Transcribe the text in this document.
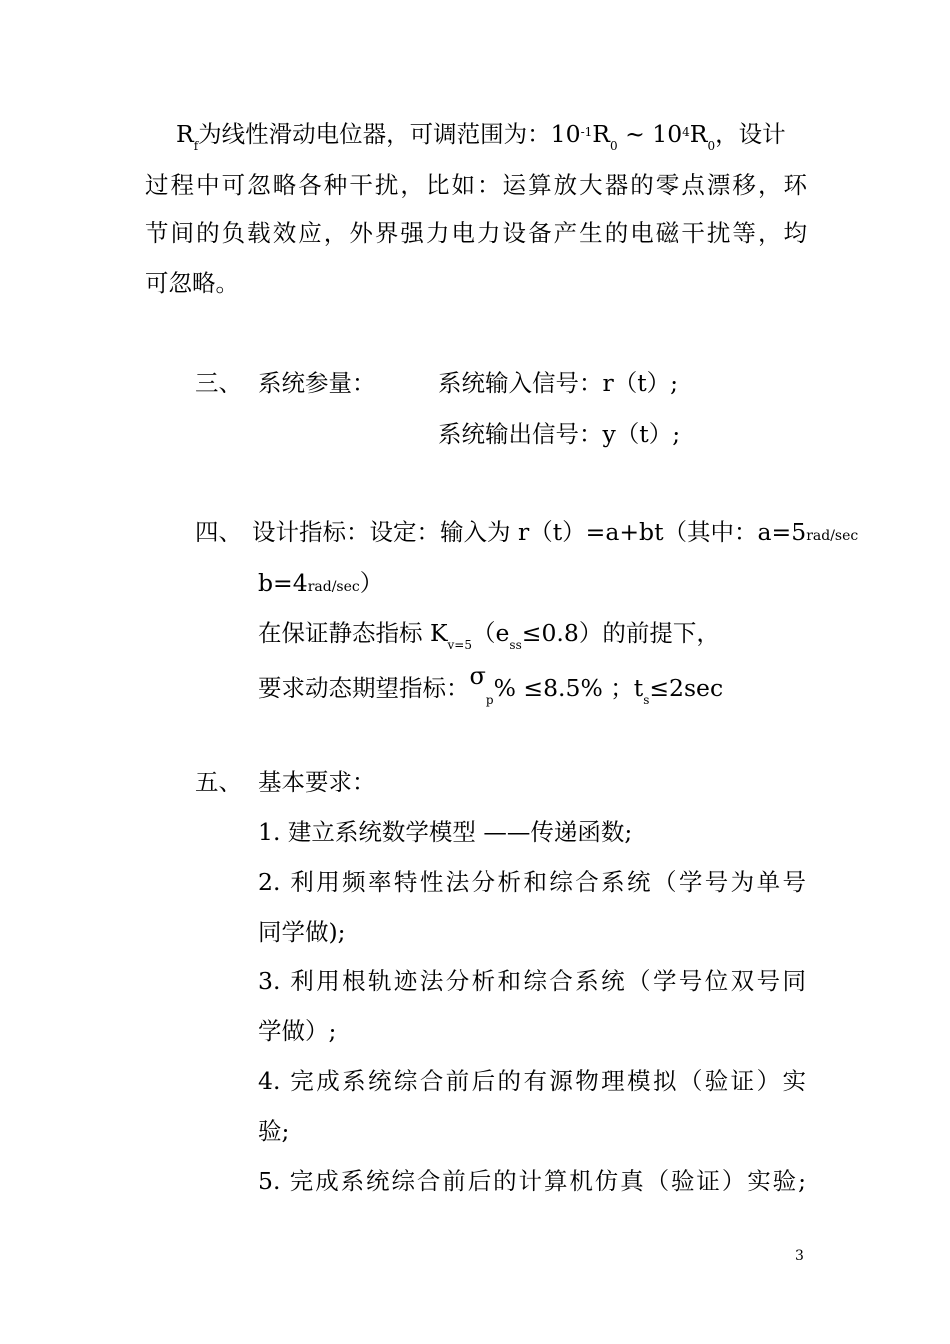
$R_f$为线性滑动电位器，可调范围为：$10^{-1}R_0$ ~ $10^4R_0$，设计
过程中可忽略各种干扰，比如：运算放大器的零点漂移，环
节间的负载效应，外界强力电力设备产生的电磁干扰等，均
可忽略。
三、 系统参量：	系统输入信号：r（t）;
系统输出信号：y（t）;
四、 设计指标：设定：输入为 r（t）=a+bt（其中：a=5rad/sec
b=4rad/sec）
在保证静态指标 $K_{v=5}(e_{ss}\le 0.8)$的前提下，
要求动态期望指标：$\sigma_p\% \le 8.5\%$ ；$t_s\le 2\sec$
五、 基本要求：
1. 建立系统数学模型 ——传递函数;
2. 利用频率特性法分析和综合系统（学号为单号
同学做);
3. 利用根轨迹法分析和综合系统（学号位双号同
学做）;
4. 完成系统综合前后的有源物理模拟（验证）实
验;
5. 完成系统综合前后的计算机仿真（验证）实验;
3
